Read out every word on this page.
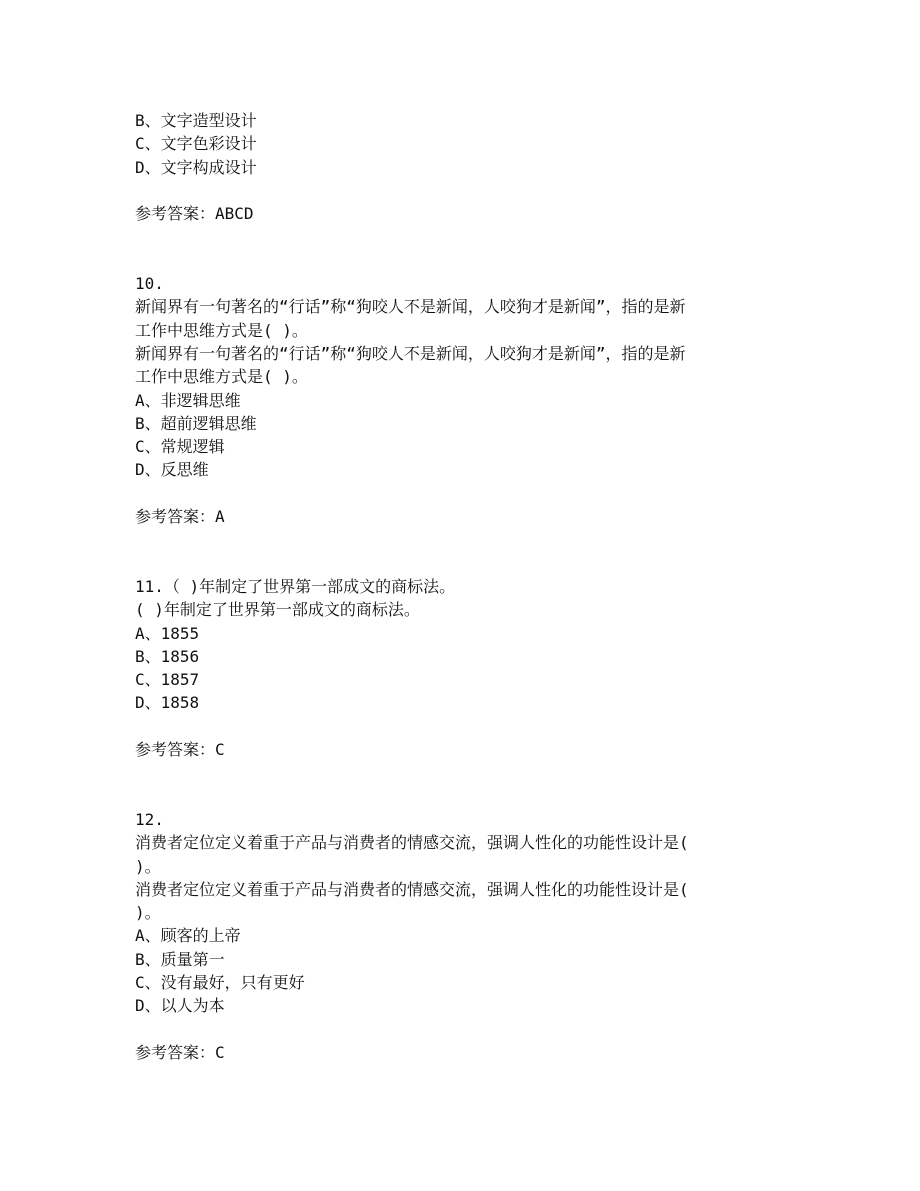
B、文字造型设计
C、文字色彩设计
D、文字构成设计
参考答案：ABCD
10.
新闻界有一句著名的“行话”称“狗咬人不是新闻，人咬狗才是新闻”，指的是新
工作中思维方式是( )。
新闻界有一句著名的“行话”称“狗咬人不是新闻，人咬狗才是新闻”，指的是新
工作中思维方式是( )。
A、非逻辑思维
B、超前逻辑思维
C、常规逻辑
D、反思维
参考答案：A
11.（ )年制定了世界第一部成文的商标法。
( )年制定了世界第一部成文的商标法。
A、1855
B、1856
C、1857
D、1858
参考答案：C
12.
消费者定位定义着重于产品与消费者的情感交流，强调人性化的功能性设计是(
)。
消费者定位定义着重于产品与消费者的情感交流，强调人性化的功能性设计是(
)。
A、顾客的上帝
B、质量第一
C、没有最好，只有更好
D、以人为本
参考答案：C
